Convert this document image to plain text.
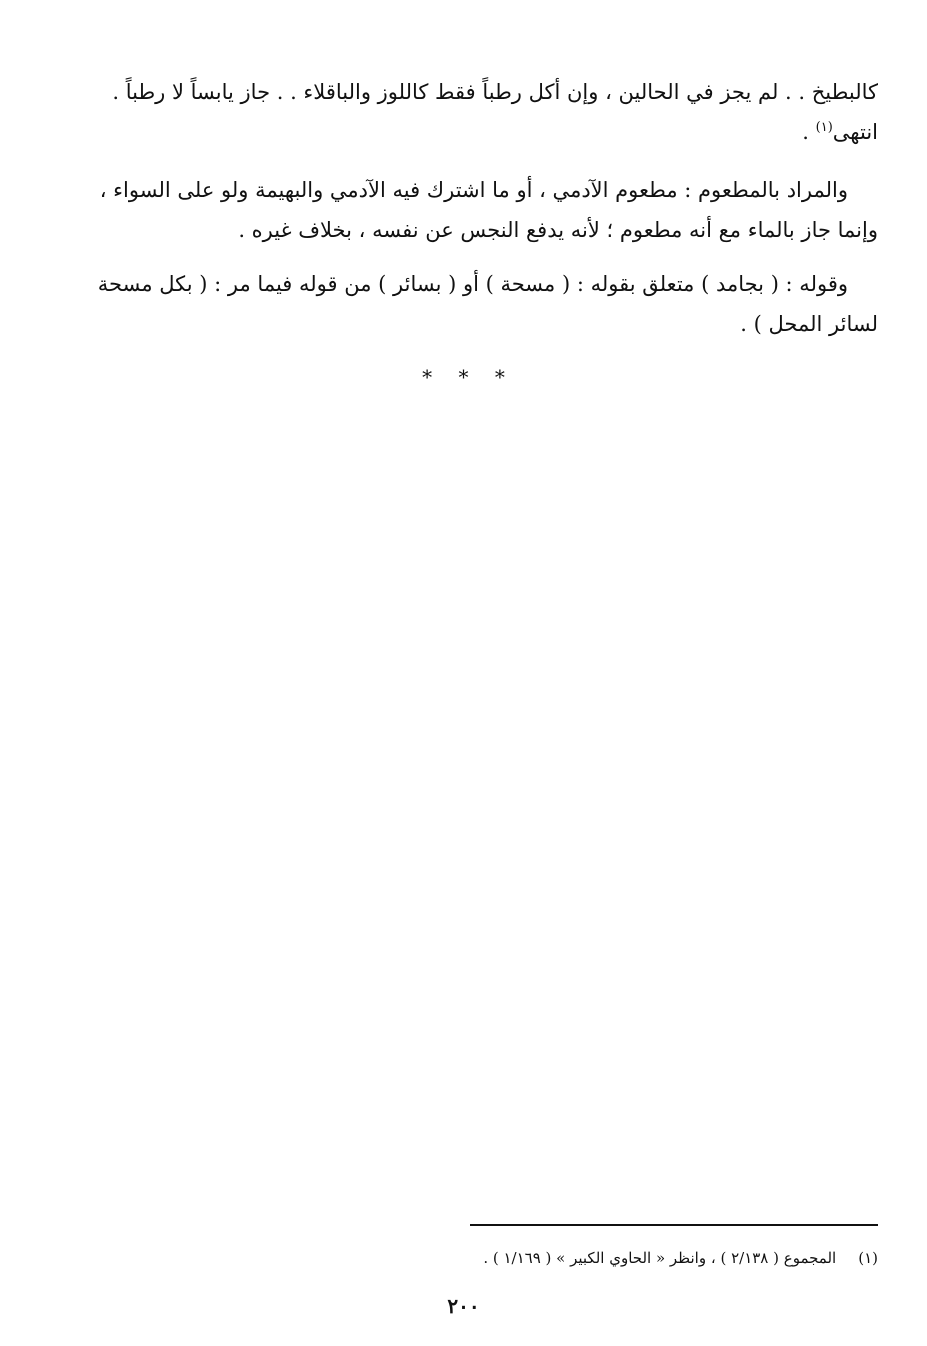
كالبطيخ . . لم يجز في الحالين ، وإن أكل رطباً فقط كاللوز والباقلاء . . جاز يابساً لا رطباً .
انتهى$^{(١)}$ .
والمراد بالمطعوم : مطعوم الآدمي ، أو ما اشترك فيه الآدمي والبهيمة ولو على السواء ،
وإنما جاز بالماء مع أنه مطعوم ؛ لأنه يدفع النجس عن نفسه ، بخلاف غيره .
وقوله : ( بجامد ) متعلق بقوله : ( مسحة ) أو ( بسائر ) من قوله فيما مر : ( بكل مسحة
لسائر المحل ) .
* * *
(١)المجموع ( ٢/١٣٨ ) ، وانظر « الحاوي الكبير » ( ١/١٦٩ ) .
٢٠٠
